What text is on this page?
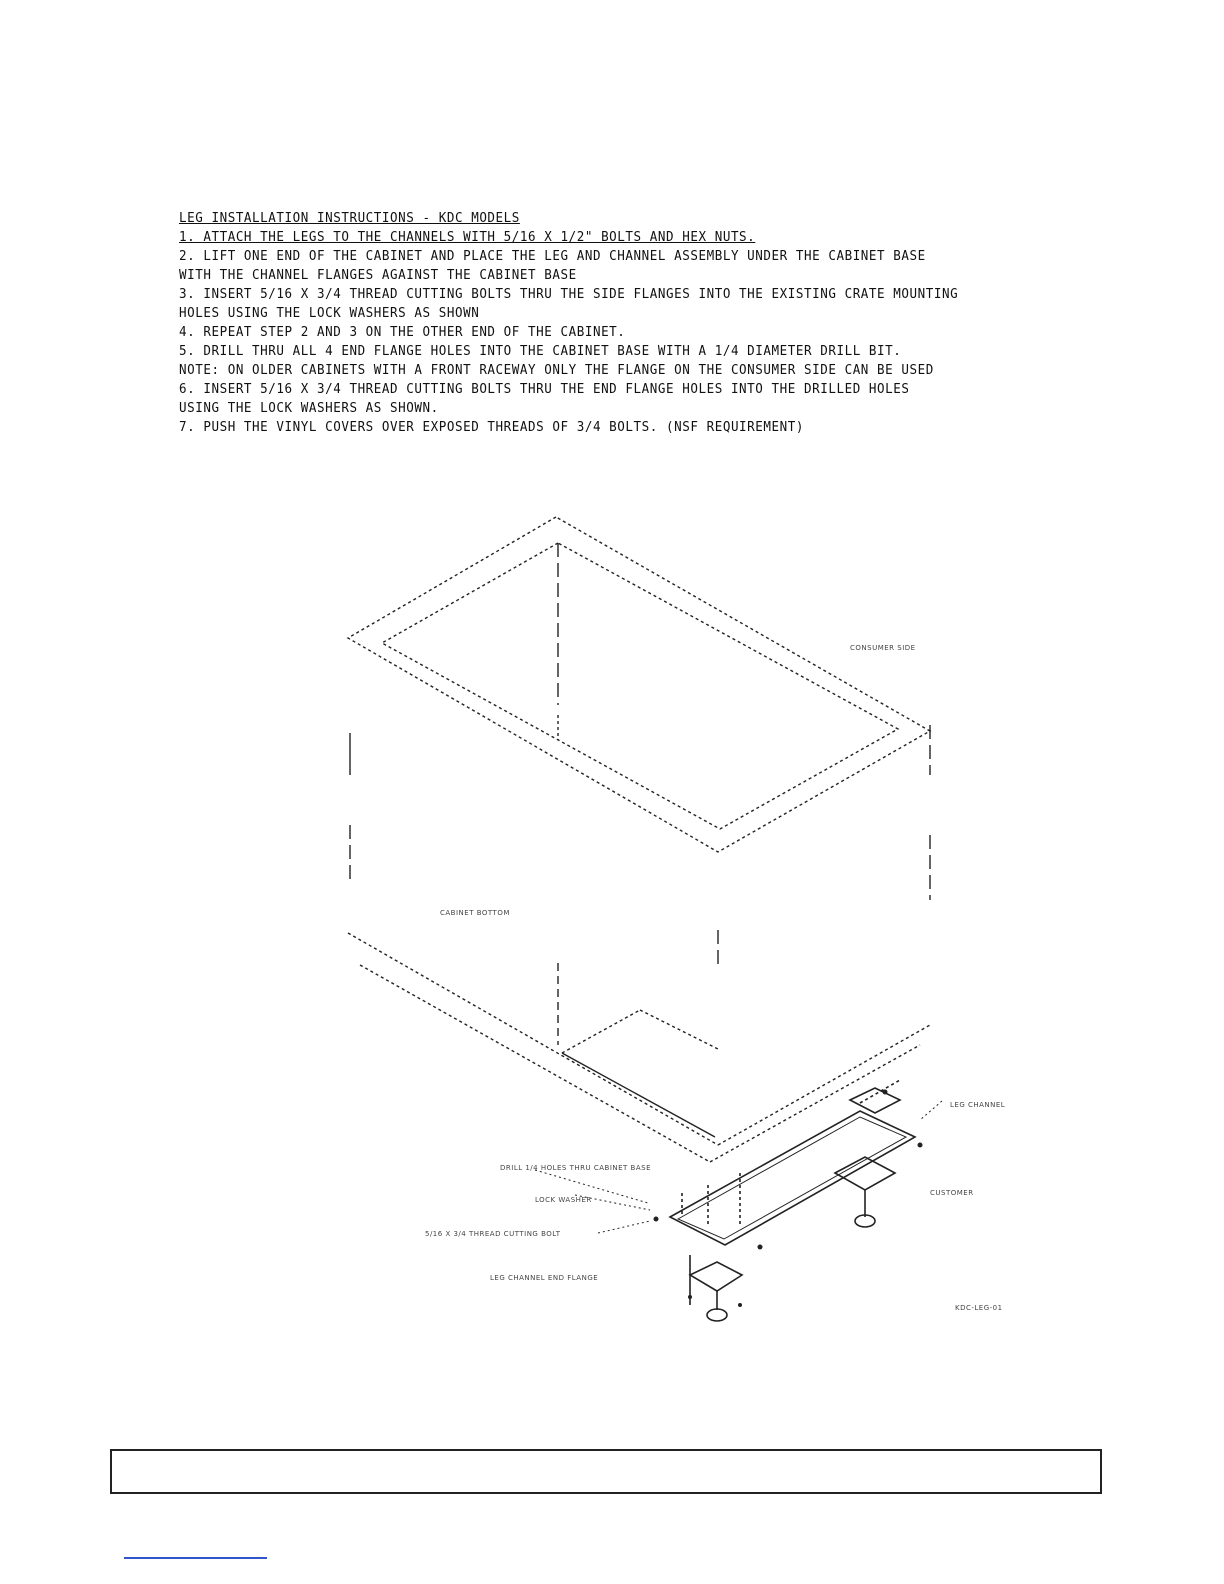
LEG INSTALLATION INSTRUCTIONS - KDC MODELS
1. ATTACH THE LEGS TO THE CHANNELS WITH 5/16 X 1/2" BOLTS AND HEX NUTS.
2. LIFT ONE END OF THE CABINET AND PLACE THE LEG AND CHANNEL ASSEMBLY UNDER THE CABINET BASE
WITH THE CHANNEL FLANGES AGAINST THE CABINET BASE
3. INSERT 5/16 X 3/4 THREAD CUTTING BOLTS THRU THE SIDE FLANGES INTO THE EXISTING CRATE MOUNTING
HOLES USING THE LOCK WASHERS AS SHOWN
4. REPEAT STEP 2 AND 3 ON THE OTHER END OF THE CABINET.
5. DRILL THRU ALL 4 END FLANGE HOLES INTO THE CABINET BASE WITH A 1/4 DIAMETER DRILL BIT.
NOTE: ON OLDER CABINETS WITH A FRONT RACEWAY ONLY THE FLANGE ON THE CONSUMER SIDE CAN BE USED
6. INSERT 5/16 X 3/4 THREAD CUTTING BOLTS THRU THE END FLANGE HOLES INTO THE DRILLED HOLES
USING THE LOCK WASHERS AS SHOWN.
7. PUSH THE VINYL COVERS OVER EXPOSED THREADS OF 3/4 BOLTS. (NSF REQUIREMENT)
CONSUMER SIDE
CABINET BOTTOM
LEG CHANNEL
CUSTOMER
DRILL 1/4 HOLES THRU CABINET BASE
LOCK WASHER
5/16 X 3/4 THREAD CUTTING BOLT
LEG CHANNEL END FLANGE
KDC-LEG-01
